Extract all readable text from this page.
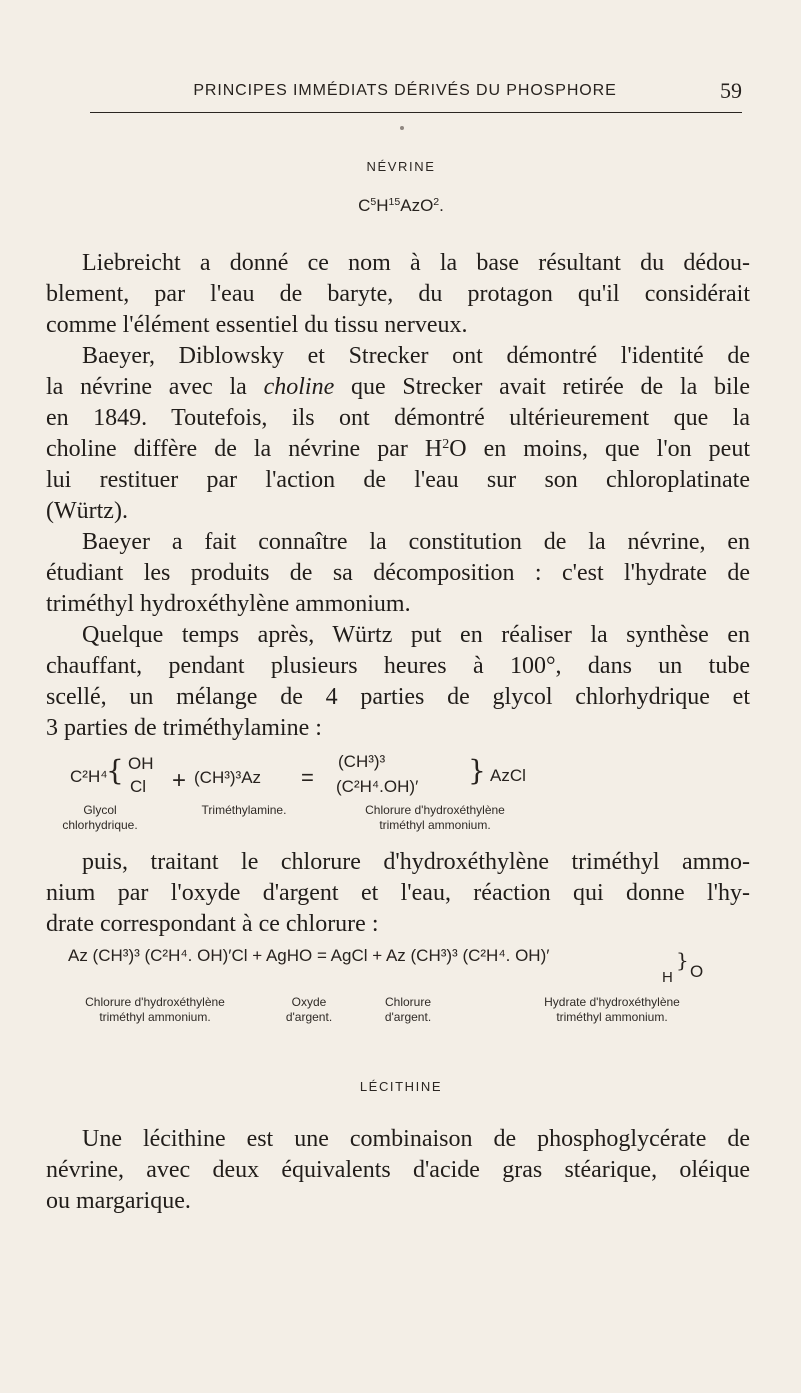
PRINCIPES IMMÉDIATS DÉRIVÉS DU PHOSPHORE	59
NÉVRINE
$C^5H^{15}AzO^2$.
Liebreicht a donné ce nom à la base résultant du dédou-
blement, par l'eau de baryte, du protagon qu'il considérait
comme l'élément essentiel du tissu nerveux.
Baeyer, Diblowsky et Strecker ont démontré l'identité de
la névrine avec la choline que Strecker avait retirée de la bile
en 1849. Toutefois, ils ont démontré ultérieurement que la
choline diffère de la névrine par $H^2O$ en moins, que l'on peut
lui restituer par l'action de l'eau sur son chloroplatinate
(Würtz).
Baeyer a fait connaître la constitution de la névrine, en
étudiant les produits de sa décomposition : c'est l'hydrate de
triméthyl hydroxéthylène ammonium.
Quelque temps après, Würtz put en réaliser la synthèse en
chauffant, pendant plusieurs heures à 100°, dans un tube
scellé, un mélange de 4 parties de glycol chlorhydrique et
3 parties de triméthylamine :
C²H⁴
{ OH
Cl + (CH³)³Az =
(CH³)³
(C²H⁴.OH)′ } AzCl
Glycol
chlorhydrique.
Triméthylamine.	Chlorure d'hydroxéthylène
triméthyl ammonium.
puis, traitant le chlorure d'hydroxéthylène triméthyl ammo-
nium par l'oxyde d'argent et l'eau, réaction qui donne l'hy-
drate correspondant à ce chlorure :
Az (CH³)³ (C²H⁴. OH)′Cl + AgHO = AgCl + Az (CH³)³ (C²H⁴. OH)′	} O
H
Chlorure d'hydroxéthylène
triméthyl ammonium.
Oxyde
d'argent.
Chlorure
d'argent.
Hydrate d'hydroxéthylène
triméthyl ammonium.
LÉCITHINE
Une lécithine est une combinaison de phosphoglycérate de
névrine, avec deux équivalents d'acide gras stéarique, oléique
ou margarique.
